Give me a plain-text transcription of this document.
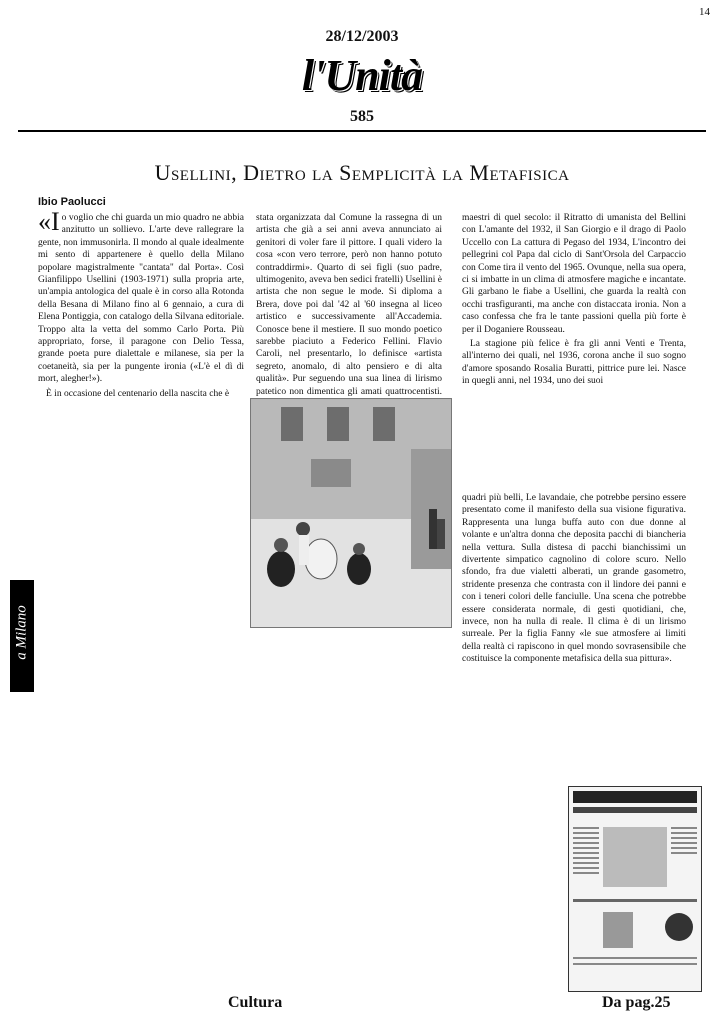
14
28/12/2003
l'Unità
585
Usellini, Dietro la Semplicità la Metafisica
Ibio Paolucci

«Io voglio che chi guarda un mio quadro ne abbia anzitutto un sollievo. L'arte deve rallegrare la gente, non immusonirla. Il mondo al quale idealmente mi sento di appartenere è quello della Milano popolare magistralmente "cantata" dal Porta». Così Gianfilippo Usellini (1903-1971) sulla propria arte, un'ampia antologica del quale è in corso alla Rotonda della Besana di Milano fino al 6 gennaio, a cura di Elena Pontiggia, con catalogo della Silvana editoriale. Troppo alta la vetta del sommo Carlo Porta. Più appropriato, forse, il paragone con Delio Tessa, grande poeta pure dialettale e milanese, sia per la coetaneità, sia per la pungente ironia («L'è el dì di mort, alegher!»).

È in occasione del centenario della nascita che è

stata organizzata dal Comune la rassegna di un artista che già a sei anni aveva annunciato ai genitori di voler fare il pittore. I quali videro la cosa «con vero terrore, però non hanno potuto contraddirmi». Quarto di sei figli (suo padre, ultimogenito, aveva ben sedici fratelli) Usellini è artista che non segue le mode. Si diploma a Brera, dove poi dal '42 al '60 insegna al liceo artistico e successivamente all'Accademia. Conosce bene il mestiere. Il suo mondo poetico sarebbe piaciuto a Federico Fellini. Flavio Caroli, nel presentarlo, lo definisce «artista segreto, anomalo, di alto pensiero e di alta qualità». Pur seguendo una sua linea di lirismo patetico non dimentica gli amati quattrocentisti.

maestri di quel secolo: il Ritratto di umanista del Bellini con L'amante del 1932, il San Giorgio e il drago di Paolo Uccello con La cattura di Pegaso del 1934, L'incontro dei pellegrini col Papa dal ciclo di Sant'Orsola del Carpaccio con Come tira il vento del 1965. Ovunque, nella sua opera, ci si imbatte in un clima di atmosfere magiche e incantate. Gli garbano le fiabe a Usellini, che guarda la realtà con occhi trasfiguranti, ma anche con distaccata ironia. Non a caso confessa che fra le tante passioni quella più forte è per il Doganiere Rousseau.

La stagione più felice è fra gli anni Venti e Trenta, all'interno dei quali, nel 1936, corona anche il suo sogno d'amore sposando Rosalia Buratti, pittrice pure lei. Nasce in quegli anni, nel 1934, uno dei suoi

quadri più belli, Le lavandaie, che potrebbe persino essere presentato come il manifesto della sua visione figurativa. Rappresenta una lunga buffa auto con due donne al volante e un'altra donna che deposita pacchi di biancheria nella vettura. Sulla distesa di pacchi bianchissimi un divertente simpatico cagnolino di colore scuro. Nello sfondo, fra due vialetti alberati, un grande gasometro, stridente presenza che contrasta con il lindore dei panni e con i teneri colori delle fanciulle. Una scena che potrebbe essere considerata normale, di gesti quotidiani, che, invece, non ha nulla di reale. Il clima è di un lirismo surreale. Per la figlia Fanny «le sue atmosfere ai limiti della realtà ci rapiscono in quel mondo sovrasensibile che costituisce la componente metafisica della sua pittura».

a Milano
Cultura	Da pag.25
